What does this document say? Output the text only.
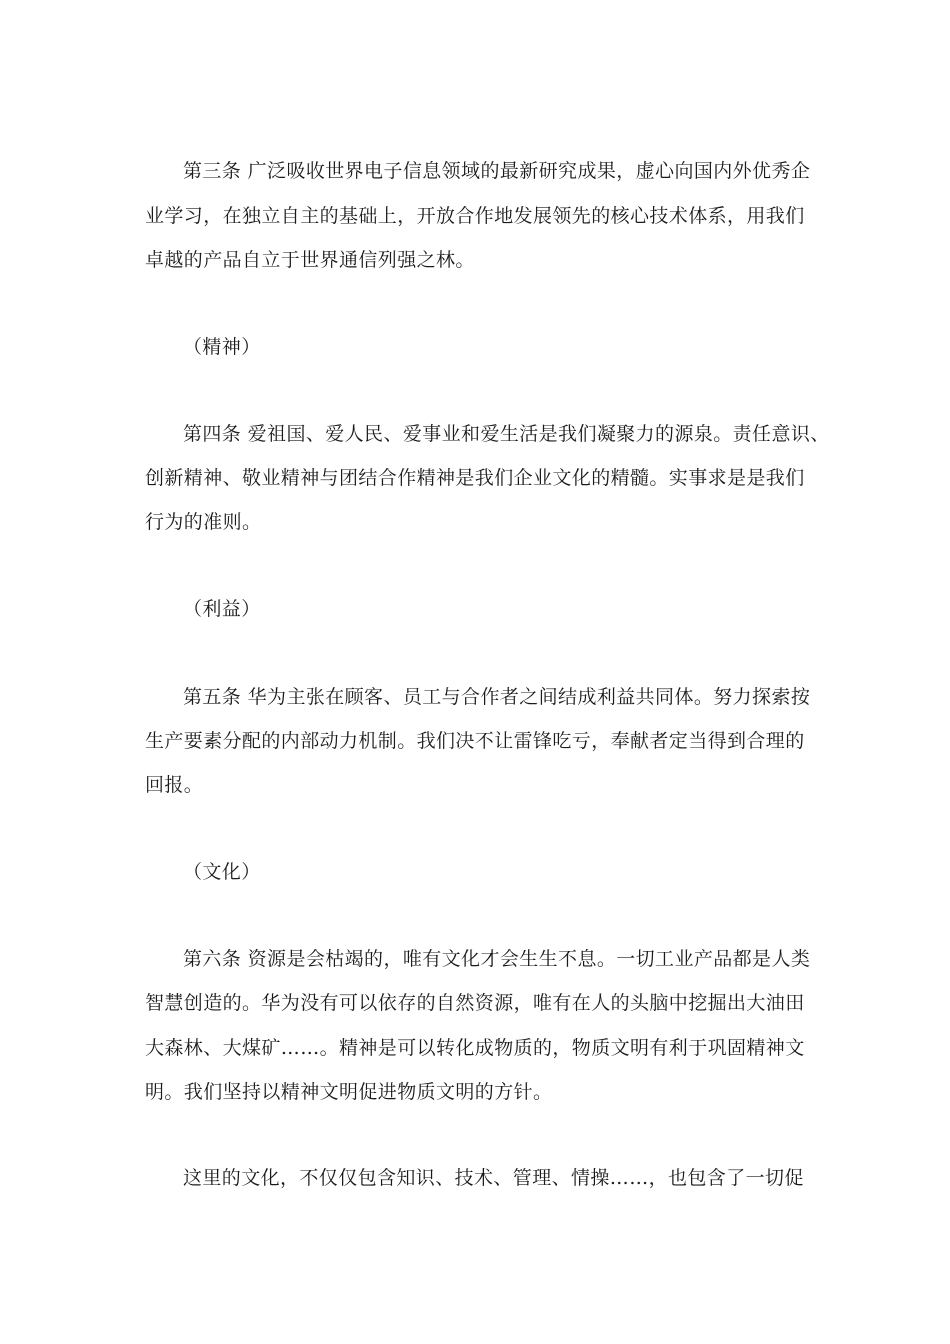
第三条 广泛吸收世界电子信息领域的最新研究成果，虚心向国内外优秀企
业学习，在独立自主的基础上，开放合作地发展领先的核心技术体系，用我们
卓越的产品自立于世界通信列强之林。
（精神）
第四条 爱祖国、爱人民、爱事业和爱生活是我们凝聚力的源泉。责任意识、
创新精神、敬业精神与团结合作精神是我们企业文化的精髓。实事求是是我们
行为的准则。
（利益）
第五条 华为主张在顾客、员工与合作者之间结成利益共同体。努力探索按
生产要素分配的内部动力机制。我们决不让雷锋吃亏，奉献者定当得到合理的
回报。
（文化）
第六条 资源是会枯竭的，唯有文化才会生生不息。一切工业产品都是人类
智慧创造的。华为没有可以依存的自然资源，唯有在人的头脑中挖掘出大油田
大森林、大煤矿……。精神是可以转化成物质的，物质文明有利于巩固精神文
明。我们坚持以精神文明促进物质文明的方针。
这里的文化，不仅仅包含知识、技术、管理、情操……，也包含了一切促
